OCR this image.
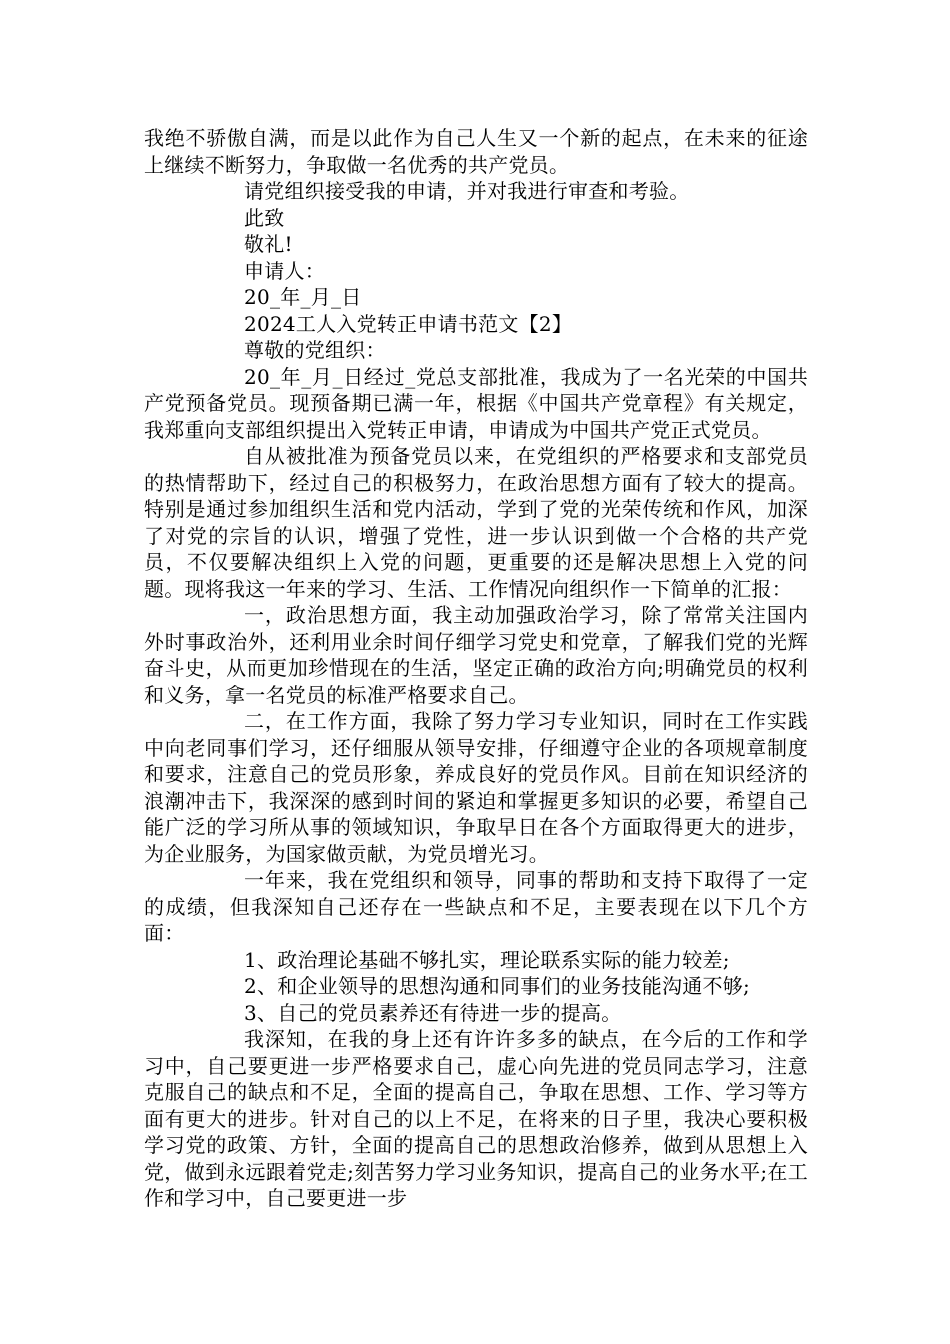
我绝不骄傲自满，而是以此作为自己人生又一个新的起点，在未来的征途上继续不断努力，争取做一名优秀的共产党员。

请党组织接受我的申请，并对我进行审查和考验。
此致
敬礼!
申请人：
20_年_月_日
2024工人入党转正申请书范文【2】
尊敬的党组织：

20_年_月_日经过_党总支部批准，我成为了一名光荣的中国共产党预备党员。现预备期已满一年，根据《中国共产党章程》有关规定，我郑重向支部组织提出入党转正申请，申请成为中国共产党正式党员。

自从被批准为预备党员以来，在党组织的严格要求和支部党员的热情帮助下，经过自己的积极努力，在政治思想方面有了较大的提高。特别是通过参加组织生活和党内活动，学到了党的光荣传统和作风，加深了对党的宗旨的认识，增强了党性，进一步认识到做一个合格的共产党员，不仅要解决组织上入党的问题，更重要的还是解决思想上入党的问题。现将我这一年来的学习、生活、工作情况向组织作一下简单的汇报：

一，政治思想方面，我主动加强政治学习，除了常常关注国内外时事政治外，还利用业余时间仔细学习党史和党章，了解我们党的光辉奋斗史，从而更加珍惜现在的生活，坚定正确的政治方向;明确党员的权利和义务，拿一名党员的标准严格要求自己。

二，在工作方面，我除了努力学习专业知识，同时在工作实践中向老同事们学习，还仔细服从领导安排，仔细遵守企业的各项规章制度和要求，注意自己的党员形象，养成良好的党员作风。目前在知识经济的浪潮冲击下，我深深的感到时间的紧迫和掌握更多知识的必要，希望自己能广泛的学习所从事的领域知识，争取早日在各个方面取得更大的进步，为企业服务，为国家做贡献，为党员增光习。

一年来，我在党组织和领导，同事的帮助和支持下取得了一定的成绩，但我深知自己还存在一些缺点和不足，主要表现在以下几个方面：

1、政治理论基础不够扎实，理论联系实际的能力较差;
2、和企业领导的思想沟通和同事们的业务技能沟通不够;
3、自己的党员素养还有待进一步的提高。

我深知，在我的身上还有许许多多的缺点，在今后的工作和学习中，自己要更进一步严格要求自己，虚心向先进的党员同志学习，注意克服自己的缺点和不足，全面的提高自己，争取在思想、工作、学习等方面有更大的进步。针对自己的以上不足，在将来的日子里，我决心要积极学习党的政策、方针，全面的提高自己的思想政治修养，做到从思想上入党，做到永远跟着党走;刻苦努力学习业务知识，提高自己的业务水平;在工作和学习中，自己要更进一步
